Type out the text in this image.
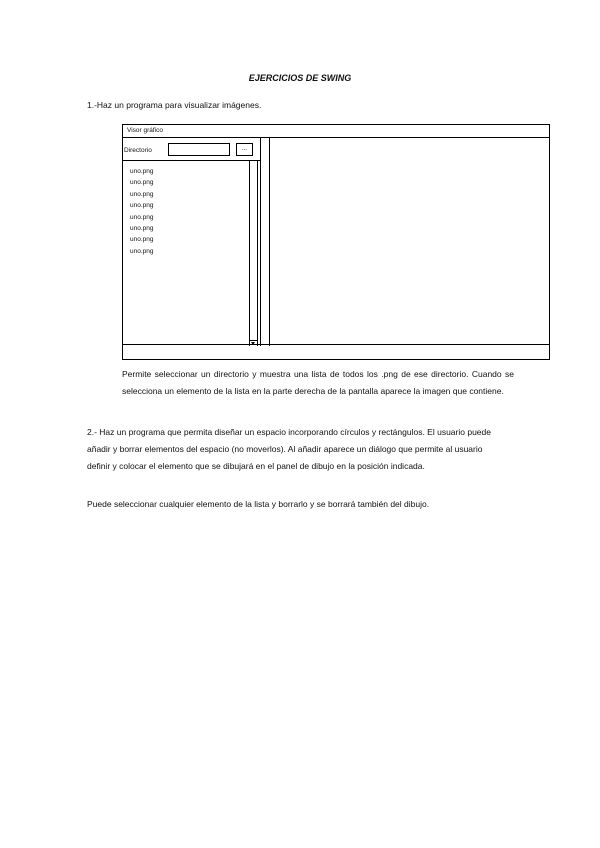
EJERCICIOS DE SWING

1.-Haz un programa para visualizar imágenes.

Visor gráfico
Directorio	...
uno.png
uno.png
uno.png
uno.png
uno.png
uno.png
uno.png
uno.png

Permite seleccionar un directorio y muestra una lista de todos los .png de ese directorio. Cuando se selecciona un elemento de la lista en la parte derecha de la pantalla aparece la imagen que contiene.

2.- Haz un programa que permita diseñar un espacio incorporando círculos y rectángulos. El usuario puede añadir y borrar elementos del espacio (no moverlos). Al añadir aparece un diálogo que permite al usuario definir y colocar el elemento que se dibujará en el panel de dibujo en la posición indicada.

Puede seleccionar cualquier elemento de la lista y borrarlo y se borrará también del dibujo.
